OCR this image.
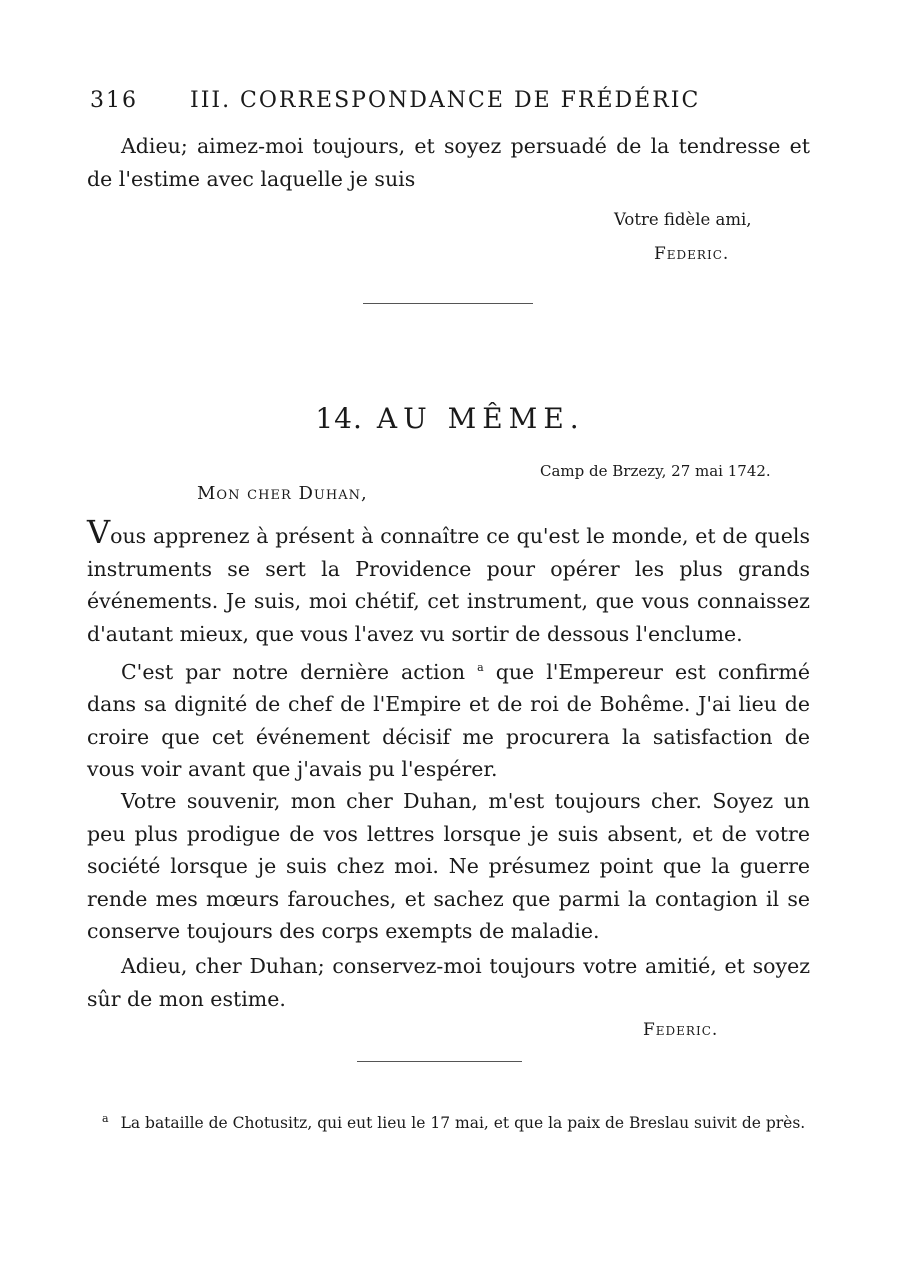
316 III. CORRESPONDANCE DE FRÉDÉRIC

Adieu; aimez-moi toujours, et soyez persuadé de la tendresse et de l'estime avec laquelle je suis

Votre fidèle ami,
Federic.
14. AU MÊME.
Camp de Brzezy, 27 mai 1742.
Mon cher Duhan,

Vous apprenez à présent à connaître ce qu'est le monde, et de quels instruments se sert la Providence pour opérer les plus grands événements. Je suis, moi chétif, cet instrument, que vous connaissez d'autant mieux, que vous l'avez vu sortir de dessous l'enclume.

C'est par notre dernière action $^a$ que l'Empereur est confirmé dans sa dignité de chef de l'Empire et de roi de Bohême. J'ai lieu de croire que cet événement décisif me procurera la satisfaction de vous voir avant que j'avais pu l'espérer.

Votre souvenir, mon cher Duhan, m'est toujours cher. Soyez un peu plus prodigue de vos lettres lorsque je suis absent, et de votre société lorsque je suis chez moi. Ne présumez point que la guerre rende mes mœurs farouches, et sachez que parmi la contagion il se conserve toujours des corps exempts de maladie.

Adieu, cher Duhan; conservez-moi toujours votre amitié, et soyez sûr de mon estime.

Federic.
$^a$ La bataille de Chotusitz, qui eut lieu le 17 mai, et que la paix de Breslau suivit de près.
